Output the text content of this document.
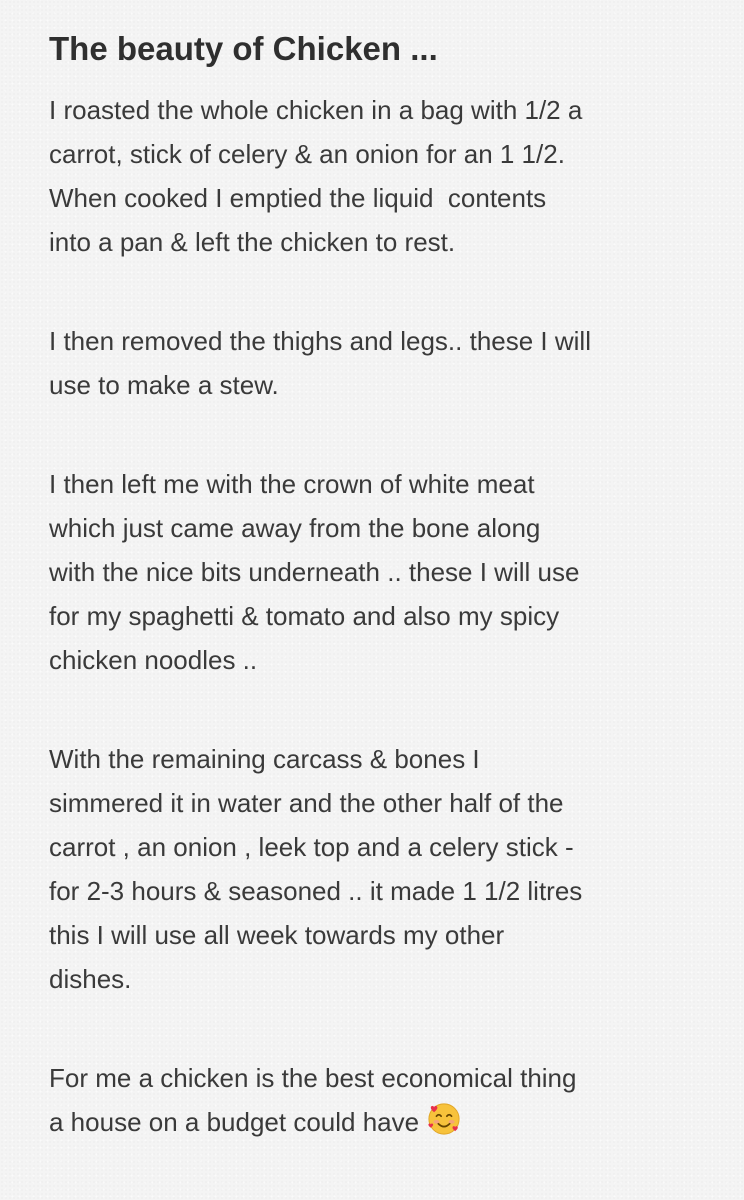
The beauty of Chicken ...

I roasted the whole chicken in a bag with 1/2 a
carrot, stick of celery & an onion for an 1 1/2.
When cooked I emptied the liquid  contents
into a pan & left the chicken to rest.

I then removed the thighs and legs.. these I will
use to make a stew.

I then left me with the crown of white meat
which just came away from the bone along
with the nice bits underneath .. these I will use
for my spaghetti & tomato and also my spicy
chicken noodles ..

With the remaining carcass & bones I
simmered it in water and the other half of the
carrot , an onion , leek top and a celery stick -
for 2-3 hours & seasoned .. it made 1 1/2 litres
this I will use all week towards my other
dishes.

For me a chicken is the best economical thing
a house on a budget could have
